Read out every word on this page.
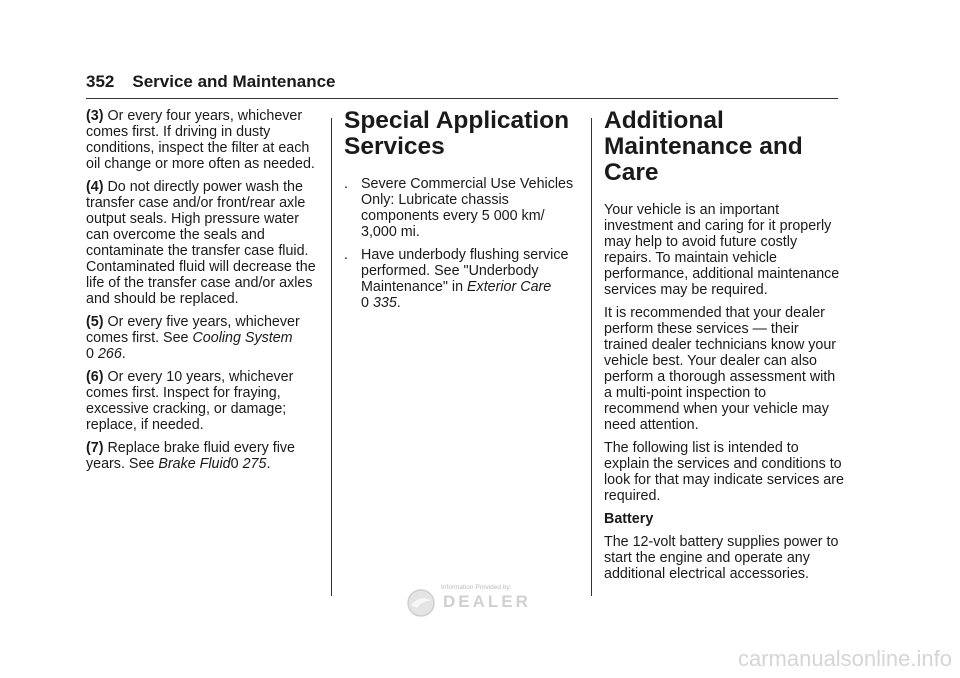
352 Service and Maintenance

(3) Or every four years, whichever comes first. If driving in dusty conditions, inspect the filter at each oil change or more often as needed.

(4) Do not directly power wash the transfer case and/or front/rear axle output seals. High pressure water can overcome the seals and contaminate the transfer case fluid. Contaminated fluid will decrease the life of the transfer case and/or axles and should be replaced.

(5) Or every five years, whichever comes first. See Cooling System
0 266.

(6) Or every 10 years, whichever comes first. Inspect for fraying, excessive cracking, or damage; replace, if needed.

(7) Replace brake fluid every five years. See Brake Fluid0 275.

Special Application Services
. Severe Commercial Use Vehicles Only: Lubricate chassis components every 5 000 km/ 3,000 mi.
. Have underbody flushing service performed. See "Underbody Maintenance" in Exterior Care
0 335.
Additional Maintenance and Care

Your vehicle is an important investment and caring for it properly may help to avoid future costly repairs. To maintain vehicle performance, additional maintenance services may be required.

It is recommended that your dealer perform these services — their trained dealer technicians know your vehicle best. Your dealer can also perform a thorough assessment with a multi-point inspection to recommend when your vehicle may need attention.

The following list is intended to explain the services and conditions to look for that may indicate services are required.

Battery

The 12-volt battery supplies power to start the engine and operate any additional electrical accessories.

Information Provided by:
DEALER
carmanualsonline.info
